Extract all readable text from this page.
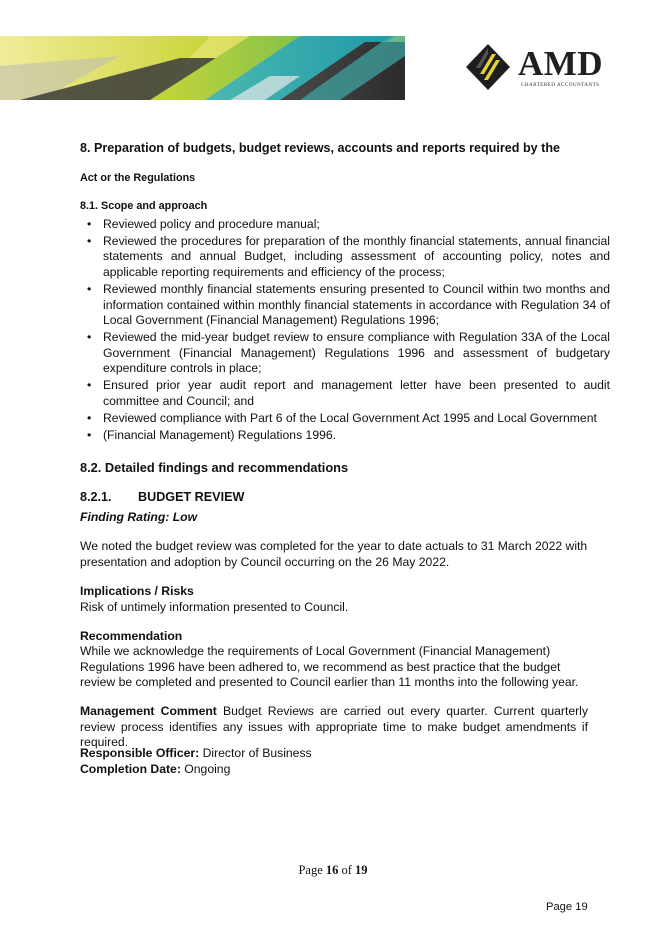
AMD
CHARTERED ACCOUNTANTS
8. Preparation of budgets, budget reviews, accounts and reports required by the
Act or the Regulations
8.1. Scope and approach
• Reviewed policy and procedure manual;
• Reviewed the procedures for preparation of the monthly financial statements, annual financial statements and annual Budget, including assessment of accounting policy, notes and applicable reporting requirements and efficiency of the process;
• Reviewed monthly financial statements ensuring presented to Council within two months and information contained within monthly financial statements in accordance with Regulation 34 of Local Government (Financial Management) Regulations 1996;
• Reviewed the mid-year budget review to ensure compliance with Regulation 33A of the Local Government (Financial Management) Regulations 1996 and assessment of budgetary expenditure controls in place;
• Ensured prior year audit report and management letter have been presented to audit committee and Council; and
• Reviewed compliance with Part 6 of the Local Government Act 1995 and Local Government
• (Financial Management) Regulations 1996.
8.2. Detailed findings and recommendations
8.2.1. BUDGET REVIEW
Finding Rating: Low
We noted the budget review was completed for the year to date actuals to 31 March 2022 with presentation and adoption by Council occurring on the 26 May 2022.
Implications / Risks
Risk of untimely information presented to Council.
Recommendation
While we acknowledge the requirements of Local Government (Financial Management) Regulations 1996 have been adhered to, we recommend as best practice that the budget review be completed and presented to Council earlier than 11 months into the following year.
Management Comment Budget Reviews are carried out every quarter. Current quarterly review process identifies any issues with appropriate time to make budget amendments if required.
Responsible Officer: Director of Business
Completion Date: Ongoing
Page 16 of 19
Page 19
